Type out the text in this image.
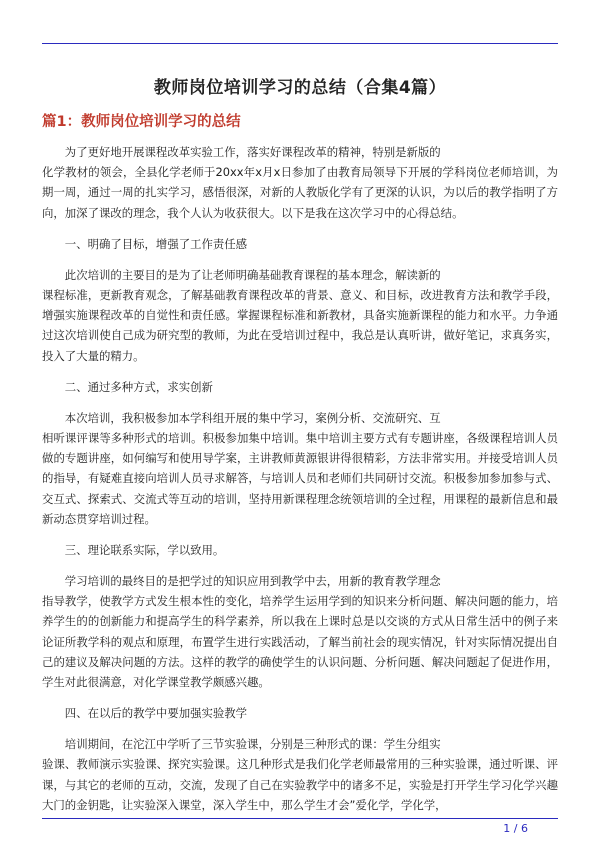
教师岗位培训学习的总结（合集4篇）
篇1：教师岗位培训学习的总结

为了更好地开展课程改革实验工作，落实好课程改革的精神，特别是新版的
化学教材的领会，全县化学老师于20xx年x月x日参加了由教育局领导下开展的学科岗位老师培训，为期一周，通过一周的扎实学习，感悟很深，对新的人教版化学有了更深的认识，为以后的教学指明了方向，加深了课改的理念，我个人认为收获很大。以下是我在这次学习中的心得总结。

一、明确了目标，增强了工作责任感

此次培训的主要目的是为了让老师明确基础教育课程的基本理念，解读新的
课程标准，更新教育观念，了解基础教育课程改革的背景、意义、和目标，改进教育方法和教学手段，增强实施课程改革的自觉性和责任感。掌握课程标准和新教材，具备实施新课程的能力和水平。力争通过这次培训使自己成为研究型的教师，为此在受培训过程中，我总是认真听讲，做好笔记，求真务实，投入了大量的精力。

二、通过多种方式，求实创新

本次培训，我积极参加本学科组开展的集中学习，案例分析、交流研究、互
相听课评课等多种形式的培训。积极参加集中培训。集中培训主要方式有专题讲座，各级课程培训人员做的专题讲座，如何编写和使用导学案，主讲教师黄源银讲得很精彩，方法非常实用。并接受培训人员的指导，有疑难直接向培训人员寻求解答，与培训人员和老师们共同研讨交流。积极参加参加参与式、交互式、探索式、交流式等互动的培训，坚持用新课程理念统领培训的全过程，用课程的最新信息和最新动态贯穿培训过程。

三、理论联系实际，学以致用。

学习培训的最终目的是把学过的知识应用到教学中去，用新的教育教学理念
指导教学，使教学方式发生根本性的变化，培养学生运用学到的知识来分析问题、解决问题的能力，培养学生的的创新能力和提高学生的科学素养，所以我在上课时总是以交谈的方式从日常生活中的例子来论证所教学科的观点和原理，布置学生进行实践活动，了解当前社会的现实情况，针对实际情况提出自己的建议及解决问题的方法。这样的教学的确使学生的认识问题、分析问题、解决问题起了促进作用，学生对此很满意，对化学课堂教学颇感兴趣。

四、在以后的教学中要加强实验教学

培训期间，在沱江中学听了三节实验课，分别是三种形式的课：学生分组实
验课、教师演示实验课、探究实验课。这几种形式是我们化学老师最常用的三种实验课，通过听课、评课，与其它的老师的互动，交流，发现了自己在实验教学中的诸多不足，实验是打开学生学习化学兴趣大门的金钥匙，让实验深入课堂，深入学生中，那么学生才会”爱化学，学化学，

1 / 6
